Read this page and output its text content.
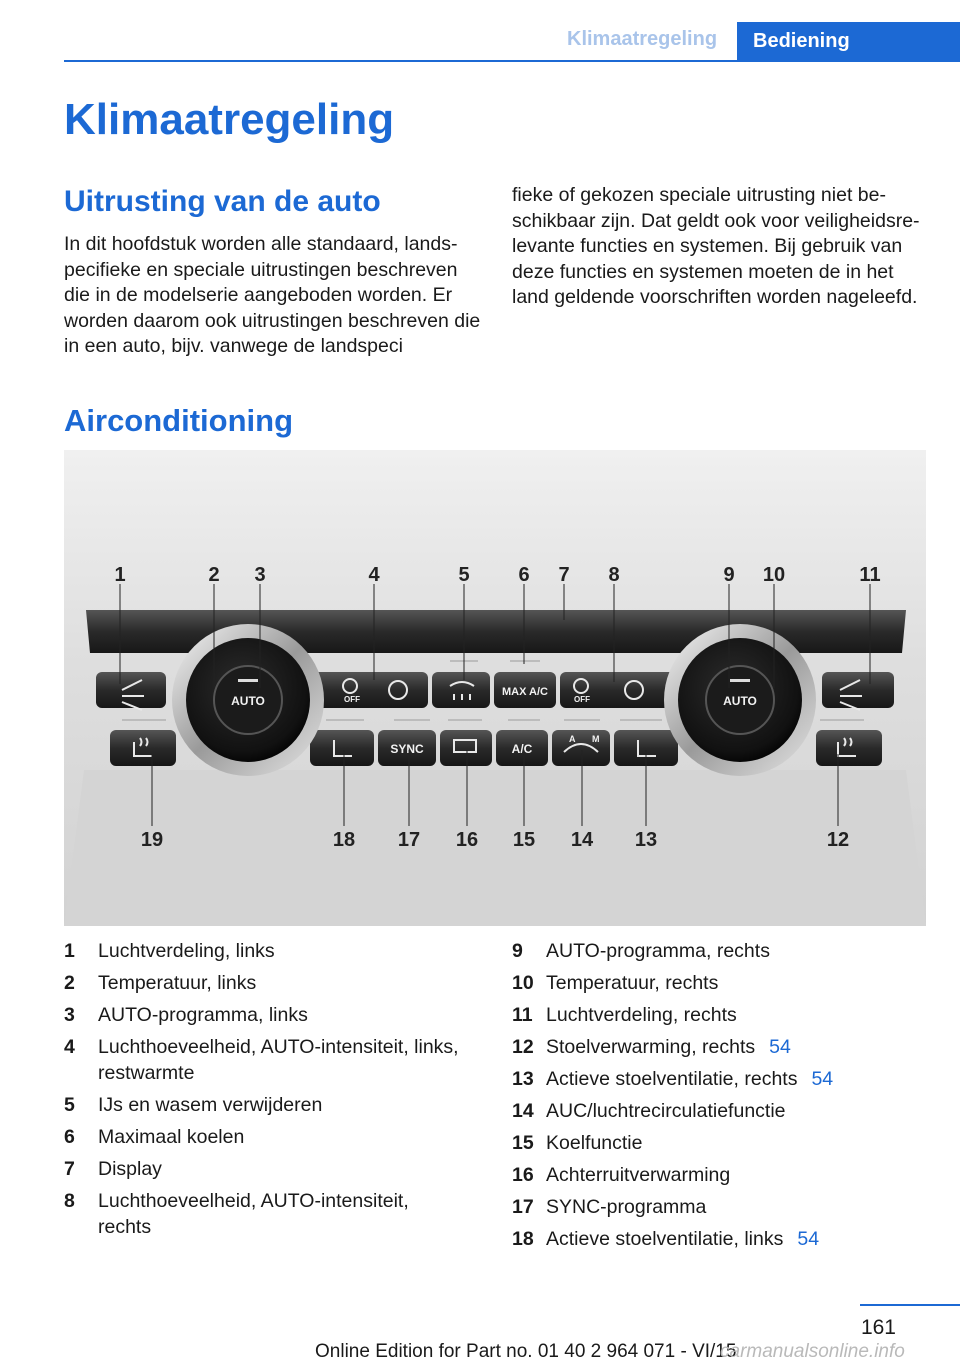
Klimaatregeling	Bediening
Klimaatregeling
Uitrusting van de auto

In dit hoofdstuk worden alle standaard, landspecifieke en speciale uitrustingen beschreven die in de modelserie aangeboden worden. Er worden daarom ook uitrustingen beschreven die in een auto, bijv. vanwege de landspeci

fieke of gekozen speciale uitrusting niet beschikbaar zijn. Dat geldt ook voor veiligheidsrelevante functies en systemen. Bij gebruik van deze functies en systemen moeten de in het land geldende voorschriften worden nageleefd.

Airconditioning
AUTO	AUTO
OFF
MAX A/C
OFF
SYNC	A/C
A M
1	2 3	4	5 6 7 8	9 10	11
19	18 17 16 15 14 13	12
1	Luchtverdeling, links
2	Temperatuur, links
3	AUTO-programma, links
4	Luchthoeveelheid, AUTO-intensiteit, links, restwarmte
5	IJs en wasem verwijderen
6	Maximaal koelen
7	Display
8	Luchthoeveelheid, AUTO-intensiteit, rechts
9	AUTO-programma, rechts
10 Temperatuur, rechts
11 Luchtverdeling, rechts
12 Stoelverwarming, rechts 54
13 Actieve stoelventilatie, rechts 54
14 AUC/luchtrecirculatiefunctie
15 Koelfunctie
16 Achterruitverwarming
17 SYNC-programma
18 Actieve stoelventilatie, links 54
161
Online Edition for Part no. 01 40 2 964 071 - VI/15
carmanualsonline.info
